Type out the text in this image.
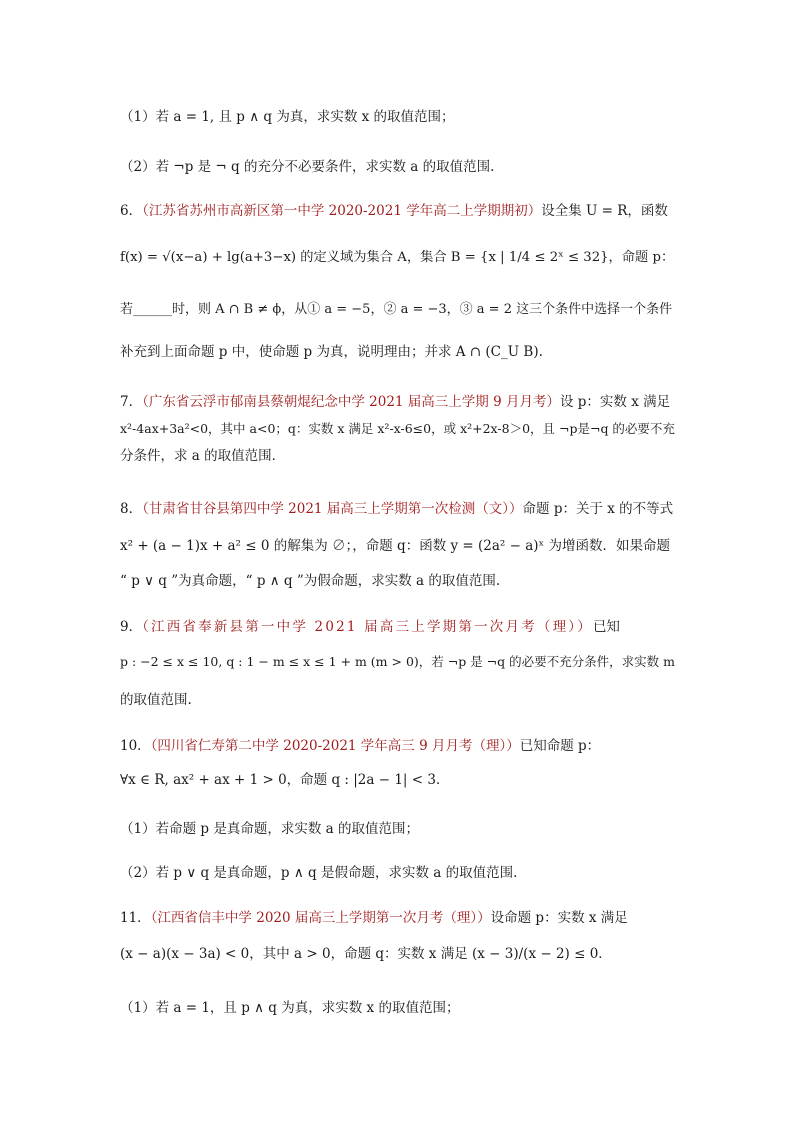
（1）若 a = 1, 且 p ∧ q 为真，求实数 x 的取值范围；
（2）若 ¬p 是 ¬ q 的充分不必要条件，求实数 a 的取值范围.
6．（江苏省苏州市高新区第一中学 2020-2021 学年高二上学期期初）设全集 U = R，函数
f(x) = √(x−a) + lg(a+3−x) 的定义域为集合 A，集合 B = {x | 1/4 ≤ 2ˣ ≤ 32}，命题 p：
若______时，则 A ∩ B ≠ ϕ，从① a = −5，② a = −3，③ a = 2 这三个条件中选择一个条件
补充到上面命题 p 中，使命题 p 为真，说明理由；并求 A ∩ (C_U B).
7．（广东省云浮市郁南县蔡朝焜纪念中学 2021 届高三上学期 9 月月考）设 p：实数 x 满足
x²-4ax+3a²<0，其中 a<0；q：实数 x 满足 x²-x-6≤0，或 x²+2x-8＞0，且 ¬p是¬q 的必要不充
分条件，求 a 的取值范围．
8．（甘肃省甘谷县第四中学 2021 届高三上学期第一次检测（文））命题 p：关于 x 的不等式
x² + (a − 1)x + a² ≤ 0 的解集为 ∅；，命题 q：函数 y = (2a² − a)ˣ 为增函数．如果命题
“ p ∨ q ”为真命题，“ p ∧ q ”为假命题，求实数 a 的取值范围.
9．（江西省奉新县第一中学 2021 届高三上学期第一次月考（理））已知
p : −2 ≤ x ≤ 10, q : 1 − m ≤ x ≤ 1 + m (m > 0)，若 ¬p 是 ¬q 的必要不充分条件，求实数 m
的取值范围.
10．（四川省仁寿第二中学 2020-2021 学年高三 9 月月考（理））已知命题 p：
∀x ∈ R, ax² + ax + 1 > 0，命题 q : |2a − 1| < 3．
（1）若命题 p 是真命题，求实数 a 的取值范围；
（2）若 p ∨ q 是真命题，p ∧ q 是假命题，求实数 a 的取值范围.
11．（江西省信丰中学 2020 届高三上学期第一次月考（理））设命题 p：实数 x 满足
(x − a)(x − 3a) < 0，其中 a > 0，命题 q：实数 x 满足 (x − 3)/(x − 2) ≤ 0．
（1）若 a = 1，且 p ∧ q 为真，求实数 x 的取值范围；
